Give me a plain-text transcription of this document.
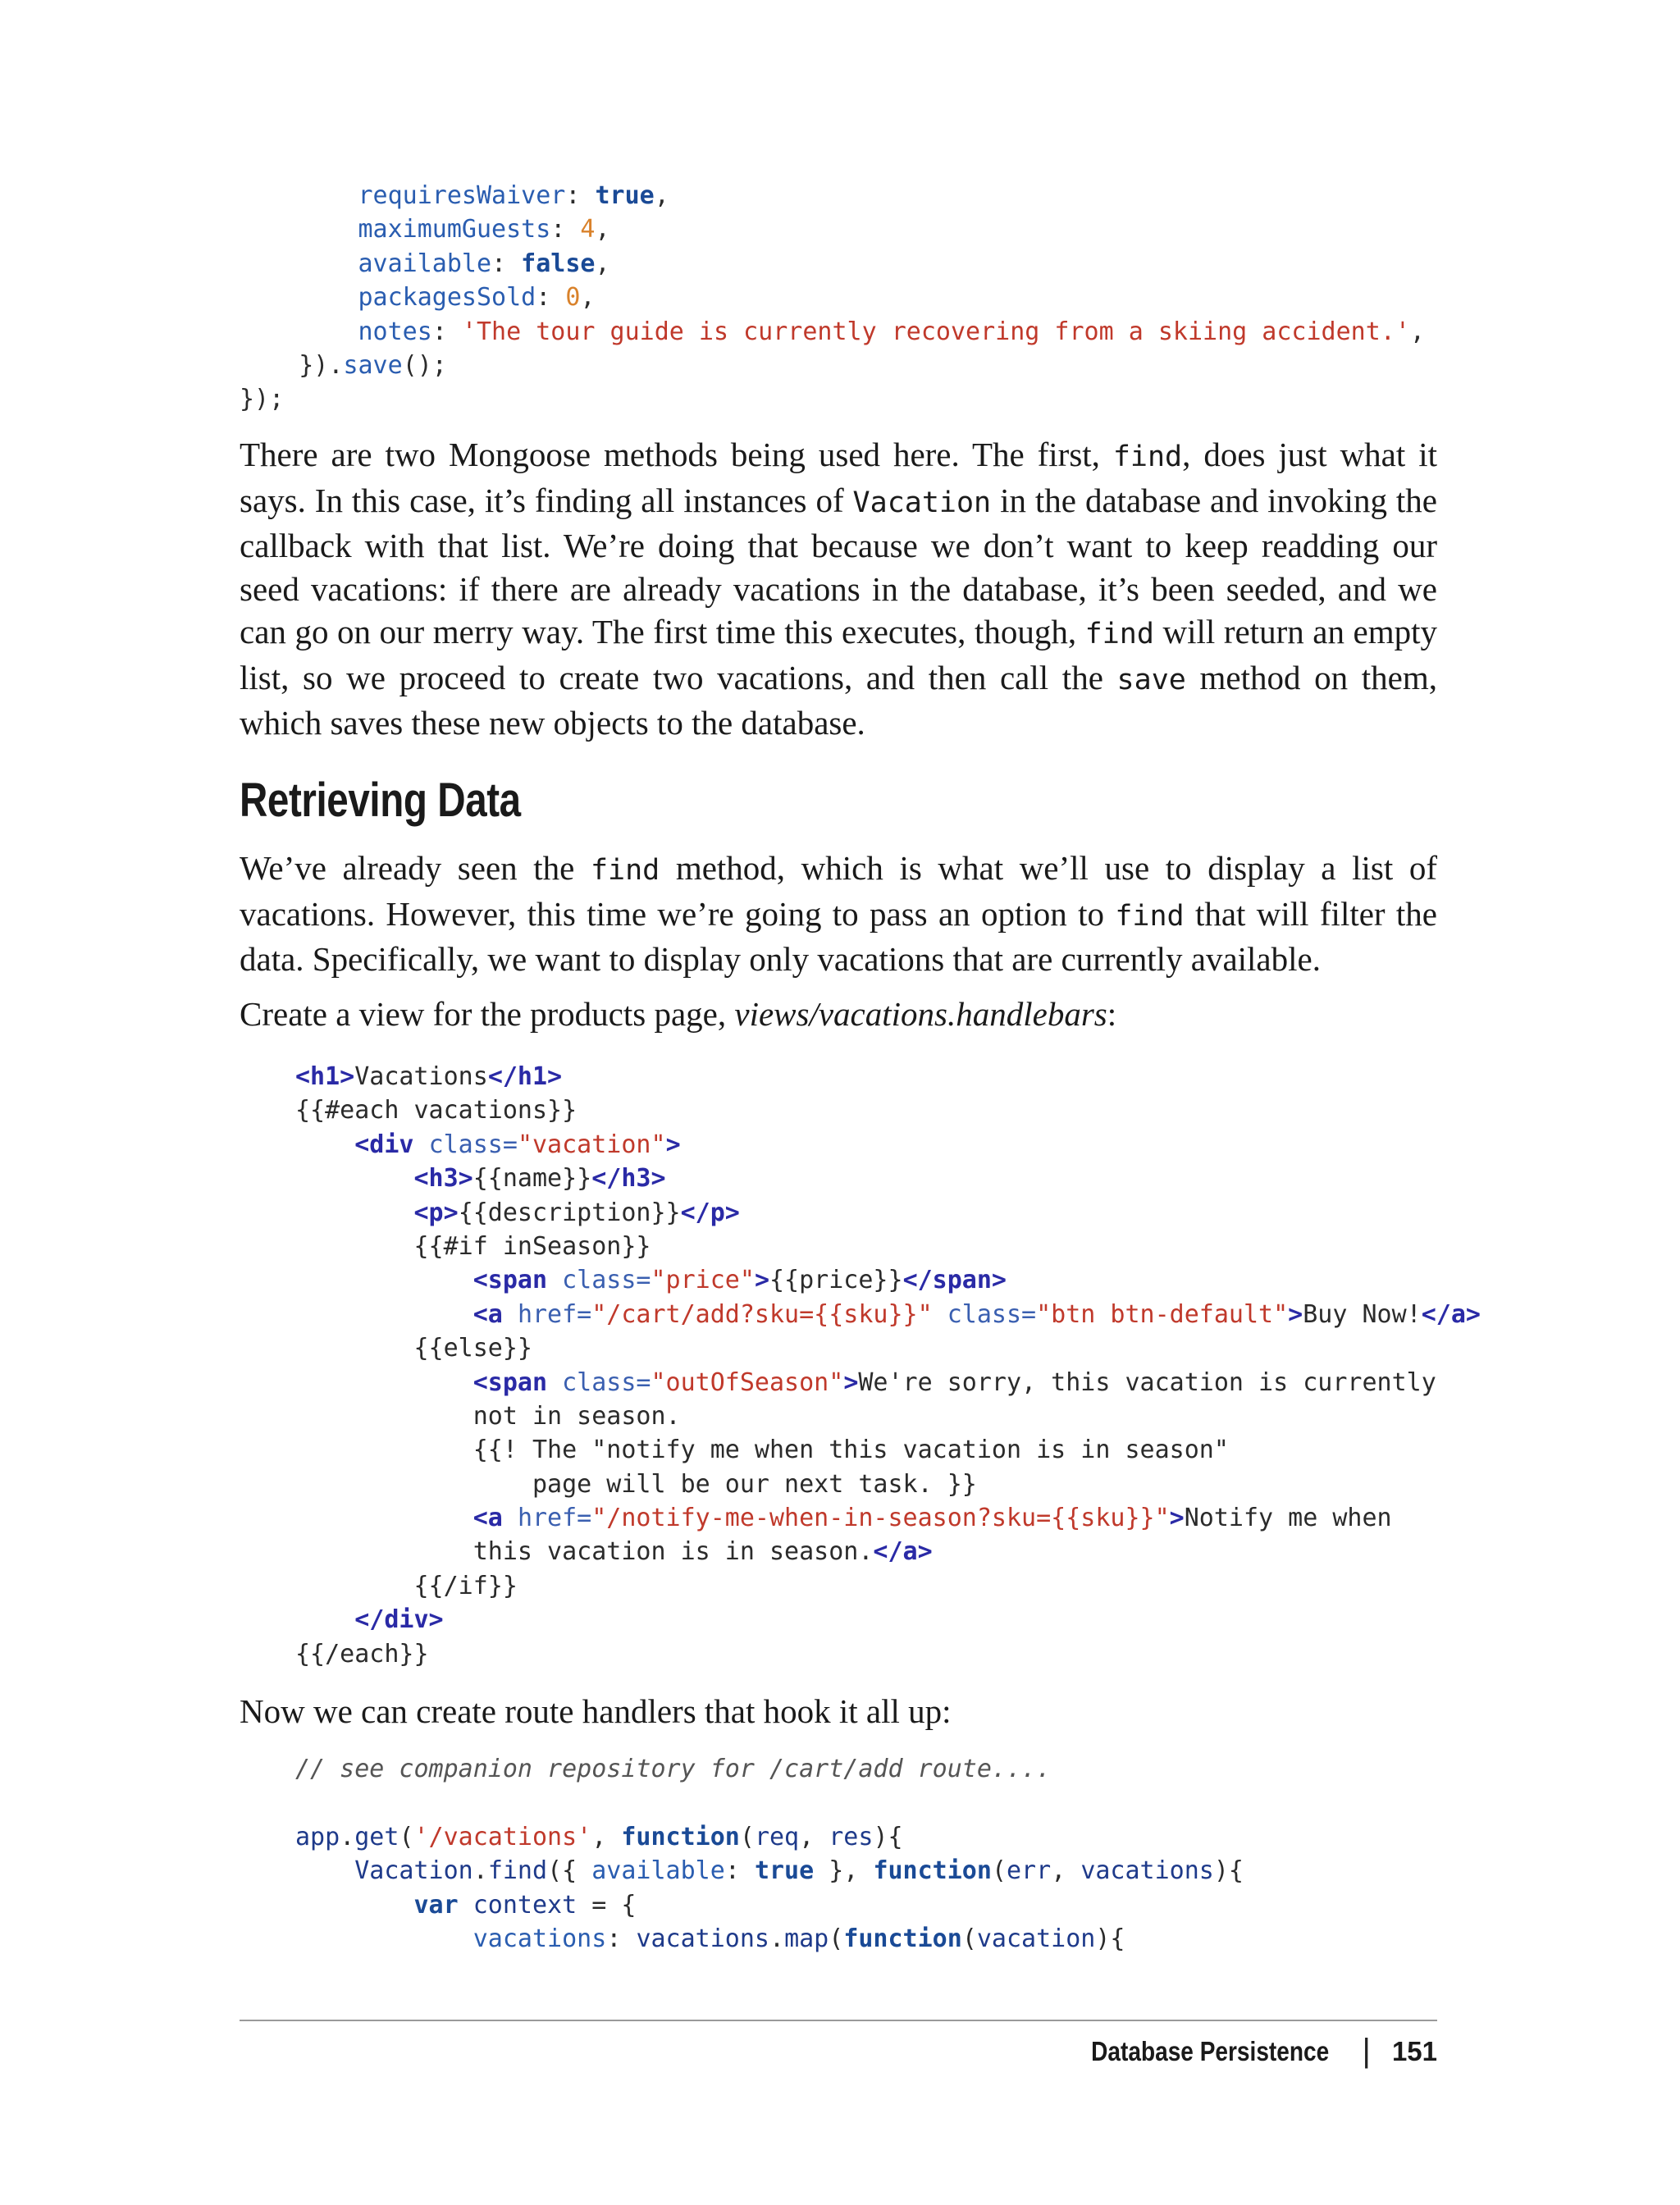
requiresWaiver: true,
maximumGuests: 4,
available: false,
packagesSold: 0,
notes: 'The tour guide is currently recovering from a skiing accident.',
}).save();
});

There are two Mongoose methods being used here. The first, find, does just what it says. In this case, it’s finding all instances of Vacation in the database and invoking the callback with that list. We’re doing that because we don’t want to keep readding our seed vacations: if there are already vacations in the database, it’s been seeded, and we can go on our merry way. The first time this executes, though, find will return an empty list, so we proceed to create two vacations, and then call the save method on them, which saves these new objects to the database.

Retrieving Data

We’ve already seen the find method, which is what we’ll use to display a list of vacations. However, this time we’re going to pass an option to find that will filter the data. Specifically, we want to display only vacations that are currently available.

Create a view for the products page, views/vacations.handlebars:

<h1>Vacations</h1>
{{#each vacations}}
<div class="vacation">
<h3>{{name}}</h3>
<p>{{description}}</p>
{{#if inSeason}}
<span class="price">{{price}}</span>
<a href="/cart/add?sku={{sku}}" class="btn btn-default">Buy Now!</a>
{{else}}
<span class="outOfSeason">We're sorry, this vacation is currently
not in season.
{{! The "notify me when this vacation is in season"
page will be our next task. }}
<a href="/notify-me-when-in-season?sku={{sku}}">Notify me when
this vacation is in season.</a>
{{/if}}
</div>
{{/each}}

Now we can create route handlers that hook it all up:

// see companion repository for /cart/add route....

app.get('/vacations', function(req, res){
Vacation.find({ available: true }, function(err, vacations){
var context = {
vacations: vacations.map(function(vacation){
Database Persistence | 151
